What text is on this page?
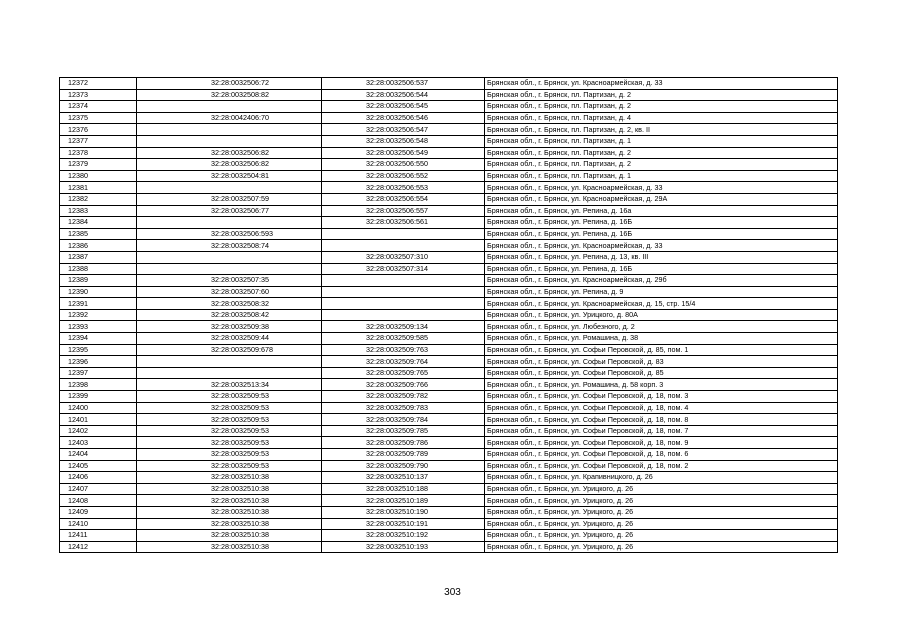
12372	32:28:0032506:72	32:28:0032506:537	Брянская обл., г. Брянск, ул. Красноармейская, д. 33
12373	32:28:0032508:82	32:28:0032506:544	Брянская обл., г. Брянск, пл. Партизан, д. 2
12374		32:28:0032506:545	Брянская обл., г. Брянск, пл. Партизан, д. 2
12375	32:28:0042406:70	32:28:0032506:546	Брянская обл., г. Брянск, пл. Партизан, д. 4
12376		32:28:0032506:547	Брянская обл., г. Брянск, пл. Партизан, д. 2, кв. II
12377		32:28:0032506:548	Брянская обл., г. Брянск, пл. Партизан, д. 1
12378	32:28:0032506:82	32:28:0032506:549	Брянская обл., г. Брянск, пл. Партизан, д. 2
12379	32:28:0032506:82	32:28:0032506:550	Брянская обл., г. Брянск, пл. Партизан, д. 2
12380	32:28:0032504:81	32:28:0032506:552	Брянская обл., г. Брянск, пл. Партизан, д. 1
12381		32:28:0032506:553	Брянская обл., г. Брянск, ул. Красноармейская, д. 33
12382	32:28:0032507:59	32:28:0032506:554	Брянская обл., г. Брянск, ул. Красноармейская, д. 29А
12383	32:28:0032506:77	32:28:0032506:557	Брянская обл., г. Брянск, ул. Репина, д. 16а
12384		32:28:0032506:561	Брянская обл., г. Брянск, ул. Репина, д. 16Б
12385	32:28:0032506:593		Брянская обл., г. Брянск, ул. Репина, д. 16Б
12386	32:28:0032508:74		Брянская обл., г. Брянск, ул. Красноармейская, д. 33
12387		32:28:0032507:310	Брянская обл., г. Брянск, ул. Репина, д. 13, кв. III
12388		32:28:0032507:314	Брянская обл., г. Брянск, ул. Репина, д. 16Б
12389	32:28:0032507:35		Брянская обл., г. Брянск, ул. Красноармейская, д. 29б
12390	32:28:0032507:60		Брянская обл., г. Брянск, ул. Репина, д. 9
12391	32:28:0032508:32		Брянская обл., г. Брянск, ул. Красноармейская, д. 15, стр. 15/4
12392	32:28:0032508:42		Брянская обл., г. Брянск, ул. Урицкого, д. 80А
12393	32:28:0032509:38	32:28:0032509:134	Брянская обл., г. Брянск, ул. Любезного, д. 2
12394	32:28:0032509:44	32:28:0032509:585	Брянская обл., г. Брянск, ул. Ромашина, д. 38
12395	32:28:0032509:678	32:28:0032509:763	Брянская обл., г. Брянск, ул. Софьи Перовской, д. 85, пом. 1
12396		32:28:0032509:764	Брянская обл., г. Брянск, ул. Софьи Перовской, д. 83
12397		32:28:0032509:765	Брянская обл., г. Брянск, ул. Софьи Перовской, д. 85
12398	32:28:0032513:34	32:28:0032509:766	Брянская обл., г. Брянск, ул. Ромашина, д. 58 корп. 3
12399	32:28:0032509:53	32:28:0032509:782	Брянская обл., г. Брянск, ул. Софьи Перовской, д. 18, пом. 3
12400	32:28:0032509:53	32:28:0032509:783	Брянская обл., г. Брянск, ул. Софьи Перовской, д. 18, пом. 4
12401	32:28:0032509:53	32:28:0032509:784	Брянская обл., г. Брянск, ул. Софьи Перовской, д. 18, пом. 8
12402	32:28:0032509:53	32:28:0032509:785	Брянская обл., г. Брянск, ул. Софьи Перовской, д. 18, пом. 7
12403	32:28:0032509:53	32:28:0032509:786	Брянская обл., г. Брянск, ул. Софьи Перовской, д. 18, пом. 9
12404	32:28:0032509:53	32:28:0032509:789	Брянская обл., г. Брянск, ул. Софьи Перовской, д. 18, пом. 6
12405	32:28:0032509:53	32:28:0032509:790	Брянская обл., г. Брянск, ул. Софьи Перовской, д. 18, пом. 2
12406	32:28:0032510:38	32:28:0032510:137	Брянская обл., г. Брянск, ул. Крапивницкого, д. 26
12407	32:28:0032510:38	32:28:0032510:188	Брянская обл., г. Брянск, ул. Урицкого, д. 26
12408	32:28:0032510:38	32:28:0032510:189	Брянская обл., г. Брянск, ул. Урицкого, д. 26
12409	32:28:0032510:38	32:28:0032510:190	Брянская обл., г. Брянск, ул. Урицкого, д. 26
12410	32:28:0032510:38	32:28:0032510:191	Брянская обл., г. Брянск, ул. Урицкого, д. 26
12411	32:28:0032510:38	32:28:0032510:192	Брянская обл., г. Брянск, ул. Урицкого, д. 26
12412	32:28:0032510:38	32:28:0032510:193	Брянская обл., г. Брянск, ул. Урицкого, д. 26
303
